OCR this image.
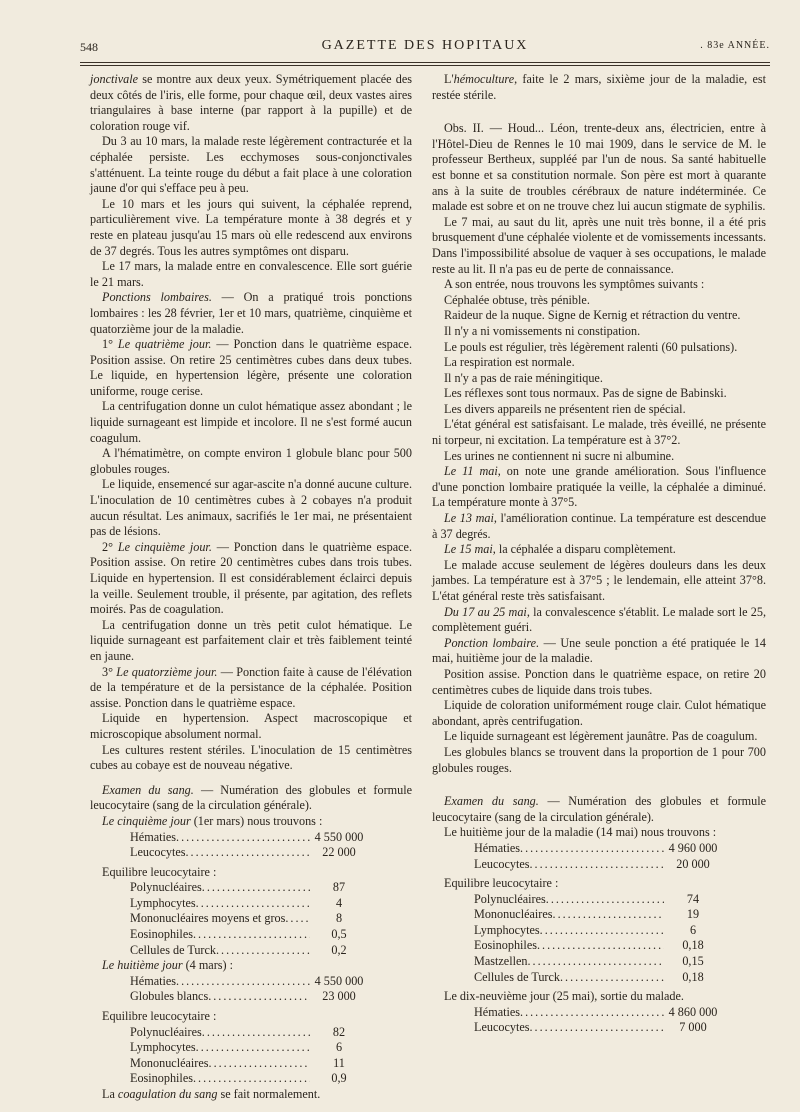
548	GAZETTE DES HOPITAUX	. 83e ANNÉE.

jonctivale se montre aux deux yeux. Symétriquement placée des deux côtés de l'iris, elle forme, pour chaque œil, deux vastes aires triangulaires à base interne (par rapport à la pupille) et de coloration rouge vif.

Du 3 au 10 mars, la malade reste légèrement contracturée et la céphalée persiste. Les ecchymoses sous-conjonctivales s'atténuent. La teinte rouge du début a fait place à une coloration jaune d'or qui s'efface peu à peu.

Le 10 mars et les jours qui suivent, la céphalée reprend, particulièrement vive. La température monte à 38 degrés et y reste en plateau jusqu'au 15 mars où elle redescend aux environs de 37 degrés. Tous les autres symptômes ont disparu.

Le 17 mars, la malade entre en convalescence. Elle sort guérie le 21 mars.

Ponctions lombaires. — On a pratiqué trois ponctions lombaires : les 28 février, 1er et 10 mars, quatrième, cinquième et quatorzième jour de la maladie.

1° Le quatrième jour. — Ponction dans le quatrième espace. Position assise. On retire 25 centimètres cubes dans deux tubes. Le liquide, en hypertension légère, présente une coloration uniforme, rouge cerise.

La centrifugation donne un culot hématique assez abondant ; le liquide surnageant est limpide et incolore. Il ne s'est formé aucun coagulum.

A l'hématimètre, on compte environ 1 globule blanc pour 500 globules rouges.

Le liquide, ensemencé sur agar-ascite n'a donné aucune culture. L'inoculation de 10 centimètres cubes à 2 cobayes n'a produit aucun résultat. Les animaux, sacrifiés le 1er mai, ne présentaient pas de lésions.

2° Le cinquième jour. — Ponction dans le quatrième espace. Position assise. On retire 20 centimètres cubes dans trois tubes. Liquide en hypertension. Il est considérablement éclairci depuis la veille. Seulement trouble, il présente, par agitation, des reflets moirés. Pas de coagulation.

La centrifugation donne un très petit culot hématique. Le liquide surnageant est parfaitement clair et très faiblement teinté en jaune.

3° Le quatorzième jour. — Ponction faite à cause de l'élévation de la température et de la persistance de la céphalée. Position assise. Ponction dans le quatrième espace.

Liquide en hypertension. Aspect macroscopique et microscopique absolument normal.

Les cultures restent stériles. L'inoculation de 15 centimètres cubes au cobaye est de nouveau négative.

Examen du sang. — Numération des globules et formule leucocytaire (sang de la circulation générale).

Le cinquième jour (1er mars) nous trouvons :

Hématies .....	4 550 000
Leucocytes .....	22 000

Equilibre leucocytaire :

Polynucléaires .....	87
Lymphocytes .....	4
Mononucléaires moyens et gros .....	8
Eosinophiles .....	0,5
Cellules de Turck .....	0,2

Le huitième jour (4 mars) :

Hématies .....	4 550 000
Globules blancs .....	23 000

Equilibre leucocytaire :

Polynucléaires .....	82
Lymphocytes .....	6
Mononucléaires .....	11
Eosinophiles .....	0,9

La coagulation du sang se fait normalement.

L'hémoculture, faite le 2 mars, sixième jour de la maladie, est restée stérile.

Obs. II. — Houd... Léon, trente-deux ans, électricien, entre à l'Hôtel-Dieu de Rennes le 10 mai 1909, dans le service de M. le professeur Bertheux, suppléé par l'un de nous. Sa santé habituelle est bonne et sa constitution normale. Son père est mort à quarante ans à la suite de troubles cérébraux de nature indéterminée. Ce malade est sobre et on ne trouve chez lui aucun stigmate de syphilis.

Le 7 mai, au saut du lit, après une nuit très bonne, il a été pris brusquement d'une céphalée violente et de vomissements incessants. Dans l'impossibilité absolue de vaquer à ses occupations, le malade reste au lit. Il n'a pas eu de perte de connaissance.

A son entrée, nous trouvons les symptômes suivants :

Céphalée obtuse, très pénible.

Raideur de la nuque. Signe de Kernig et rétraction du ventre.

Il n'y a ni vomissements ni constipation.

Le pouls est régulier, très légèrement ralenti (60 pulsations).

La respiration est normale.

Il n'y a pas de raie méningitique.

Les réflexes sont tous normaux. Pas de signe de Babinski.

Les divers appareils ne présentent rien de spécial.

L'état général est satisfaisant. Le malade, très éveillé, ne présente ni torpeur, ni excitation. La température est à 37°2.

Les urines ne contiennent ni sucre ni albumine.

Le 11 mai, on note une grande amélioration. Sous l'influence d'une ponction lombaire pratiquée la veille, la céphalée a diminué. La température monte à 37°5.

Le 13 mai, l'amélioration continue. La température est descendue à 37 degrés.

Le 15 mai, la céphalée a disparu complètement.

Le malade accuse seulement de légères douleurs dans les deux jambes. La température est à 37°5 ; le lendemain, elle atteint 37°8. L'état général reste très satisfaisant.

Du 17 au 25 mai, la convalescence s'établit. Le malade sort le 25, complètement guéri.

Ponction lombaire. — Une seule ponction a été pratiquée le 14 mai, huitième jour de la maladie.

Position assise. Ponction dans le quatrième espace, on retire 20 centimètres cubes de liquide dans trois tubes.

Liquide de coloration uniformément rouge clair. Culot hématique abondant, après centrifugation.

Le liquide surnageant est légèrement jaunâtre. Pas de coagulum.

Les globules blancs se trouvent dans la proportion de 1 pour 700 globules rouges.

Examen du sang. — Numération des globules et formule leucocytaire (sang de la circulation générale).

Le huitième jour de la maladie (14 mai) nous trouvons :

Hématies .....	4 960 000
Leucocytes .....	20 000

Equilibre leucocytaire :

Polynucléaires .....	74
Mononucléaires .....	19
Lymphocytes .....	6
Eosinophiles .....	0,18
Mastzellen .....	0,15
Cellules de Turck .....	0,18

Le dix-neuvième jour (25 mai), sortie du malade.

Hématies .....	4 860 000
Leucocytes .....	7 000
